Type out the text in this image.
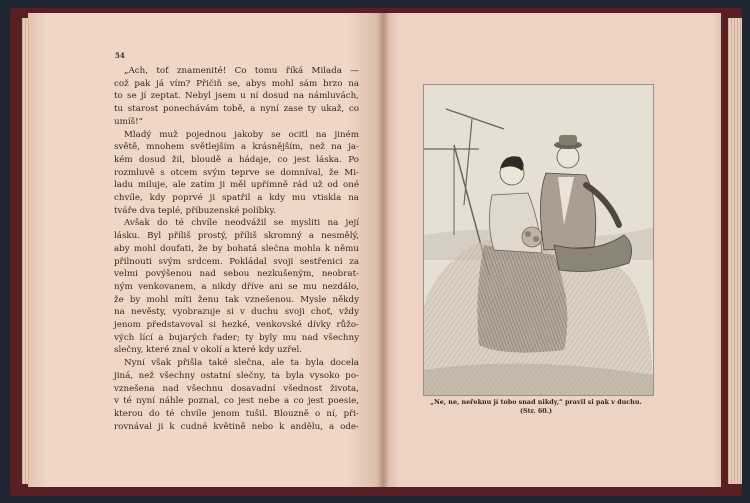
54
„Ach, toť znamenité! Co tomu říká Milada —
což pak já vím? Přičiň se, abys mohl sám brzo na
to se jí zeptat. Nebyl jsem u ní dosud na námluvách,
tu starost ponechávám tobě, a nyní zase ty ukaž, co
umíš!“
Mladý muž pojednou jakoby se ocitl na jiném
světě, mnohem světlejším a krásnějším, než na ja-
kém dosud žil, bloudě a hádaje, co jest láska. Po
rozmluvě s otcem svým teprve se domníval, že Mi-
ladu miluje, ale zatím ji měl upřímně rád už od oné
chvíle, kdy poprvé ji spatřil a kdy mu vtiskla na
tváře dva teplé, příbuzenské políbky.
Avšak do té chvíle neodvážil se mysliti na její
lásku. Byl příliš prostý, příliš skromný a nesmělý,
aby mohl doufati, že by bohatá slečna mohla k němu
přilnouti svým srdcem. Pokládal svoji sestřenici za
velmi povýšenou nad sebou nezkušeným, neobrat-
ným venkovanem, a nikdy dříve ani se mu nezdálo,
že by mohl míti ženu tak vznešenou. Mysle někdy
na nevěsty, vyobrazuje si v duchu svoji choť, vždy
jenom představoval si hezké, venkovské dívky růžo-
vých lící a bujarých řader; ty byly mu nad všechny
slečny, které znal v okolí a které kdy uzřel.
Nyní však přišla také slečna, ale ta byla docela
jiná, než všechny ostatní slečny, ta byla vysoko po-
vznešena nad všechnu dosavadní všednost života,
v té nyní náhle poznal, co jest nebe a co jest poesie,
kterou do té chvíle jenom tušil. Blouzně o ní, při-
rovnával ji k cudné květině nebo k andělu, a ode-
„Ne, ne, neřeknu jí tobo snad nikdy,“ pravil si pak v duchu.
(Str. 60.)
